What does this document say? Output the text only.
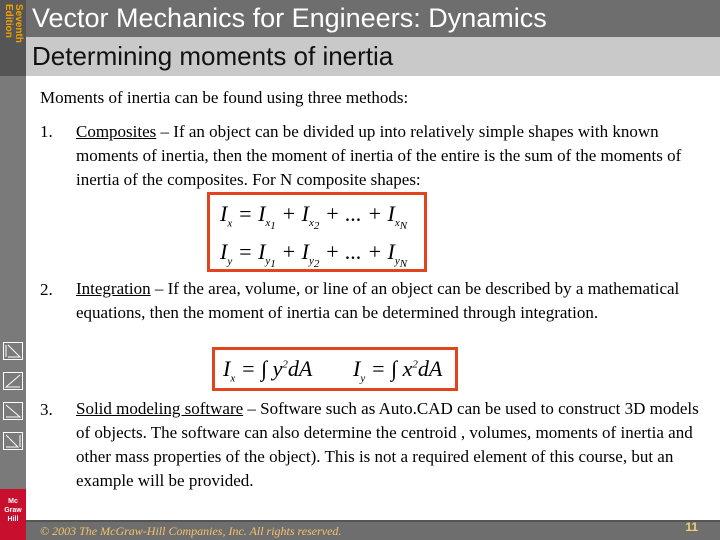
Seventh Edition Vector Mechanics for Engineers: Dynamics
Determining moments of inertia
Mc Graw Hill
Moments of inertia can be found using three methods:
1. Composites – If an object can be divided up into relatively simple shapes with known moments of inertia, then the moment of inertia of the entire is the sum of the moments of inertia of the composites. For N composite shapes:
$I_x = I_{x_1} + I_{x_2}$ + ... + $I_{x_N}$
$I_y = I_{y_1} + I_{y_2}$ + ... + $I_{y_N}$
2. Integration – If the area, volume, or line of an object can be described by a mathematical equations, then the moment of inertia can be determined through integration.
$I_x$ = ∫ $y^2dA$ $I_y$ = ∫ $x^2dA$
3. Solid modeling software – Software such as Auto.CAD can be used to construct 3D models of objects. The software can also determine the centroid , volumes, moments of inertia and other mass properties of the object). This is not a required element of this course, but an example will be provided.
© 2003 The McGraw-Hill Companies, Inc. All rights reserved.	11
